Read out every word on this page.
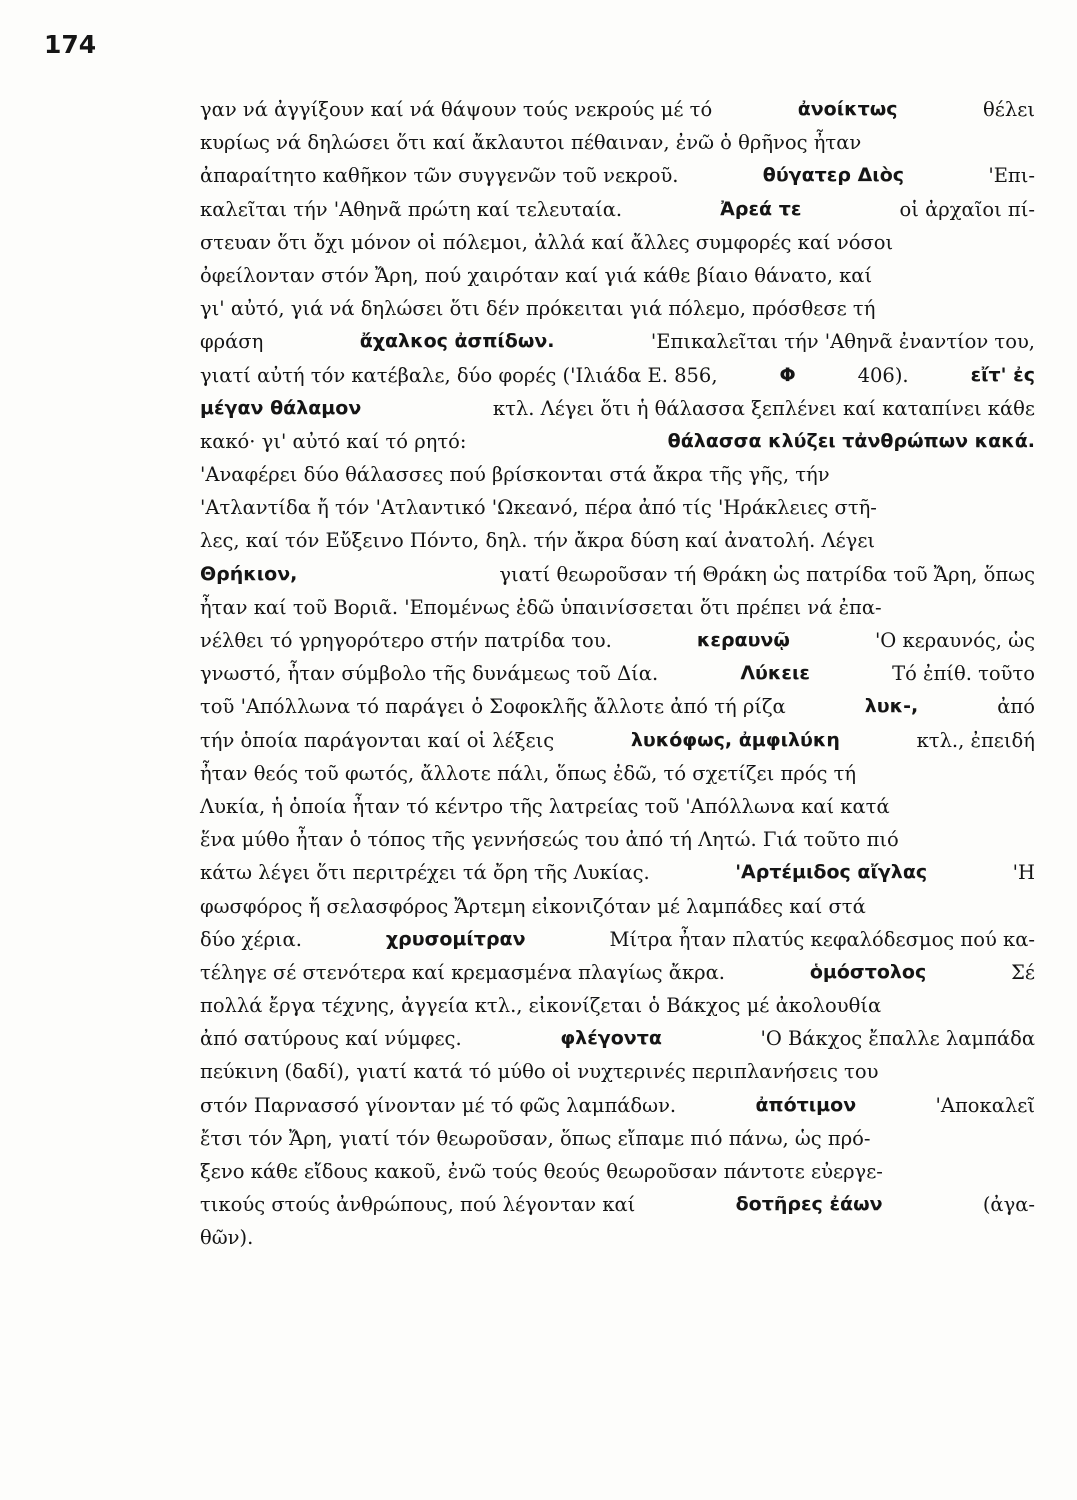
174
γαν νά ἀγγίξουν καί νά θάψουν τούς νεκρούς μέ τό	ἀνοίκτως	θέλει
κυρίως νά δηλώσει ὅτι καί ἄκλαυτοι πέθαιναν, ἐνῶ ὁ θρῆνος ἦταν
ἀπαραίτητο καθῆκον τῶν συγγενῶν τοῦ νεκροῦ.	θύγατερ Διὸς	'Επι-
καλεῖται τήν 'Αθηνᾶ πρώτη καί τελευταία.	Ἀρεά τε	οἱ ἀρχαῖοι πί-
στευαν ὅτι ὄχι μόνον οἱ πόλεμοι, ἀλλά καί ἄλλες συμφορές καί νόσοι
ὀφείλονταν στόν Ἄρη, πού χαιρόταν καί γιά κάθε βίαιο θάνατο, καί
γι' αὐτό, γιά νά δηλώσει ὅτι δέν πρόκειται γιά πόλεμο, πρόσθεσε τή
φράση	ἄχαλκος ἀσπίδων.	'Επικαλεῖται τήν 'Αθηνᾶ ἐναντίον του,
γιατί αὐτή τόν κατέβαλε, δύο φορές ('Ιλιάδα Ε. 856,	Φ	406).	εἴτ' ἐς
μέγαν θάλαμον	κτλ. Λέγει ὅτι ἡ θάλασσα ξεπλένει καί καταπίνει κάθε
κακό· γι' αὐτό καί τό ρητό:	θάλασσα κλύζει τἀνθρώπων κακά.
'Αναφέρει δύο θάλασσες πού βρίσκονται στά ἄκρα τῆς γῆς, τήν
'Ατλαντίδα ἤ τόν 'Ατλαντικό 'Ωκεανό, πέρα ἀπό τίς 'Ηράκλειες στῆ-
λες, καί τόν Εὔξεινο Πόντο, δηλ. τήν ἄκρα δύση καί ἀνατολή. Λέγει
Θρήκιον,	γιατί θεωροῦσαν τή Θράκη ὡς πατρίδα τοῦ Ἄρη, ὅπως
ἦταν καί τοῦ Βοριᾶ. 'Επομένως ἐδῶ ὑπαινίσσεται ὅτι πρέπει νά ἐπα-
νέλθει τό γρηγορότερο στήν πατρίδα του.	κεραυνῷ	'Ο κεραυνός, ὡς
γνωστό, ἦταν σύμβολο τῆς δυνάμεως τοῦ Δία.	Λύκειε	Τό ἐπίθ. τοῦτο
τοῦ 'Απόλλωνα τό παράγει ὁ Σοφοκλῆς ἄλλοτε ἀπό τή ρίζα	λυκ-,	ἀπό
τήν ὁποία παράγονται καί οἱ λέξεις	λυκόφως, ἀμφιλύκη	κτλ., ἐπειδή
ἦταν θεός τοῦ φωτός, ἄλλοτε πάλι, ὅπως ἐδῶ, τό σχετίζει πρός τή
Λυκία, ἡ ὁποία ἦταν τό κέντρο τῆς λατρείας τοῦ 'Απόλλωνα καί κατά
ἕνα μύθο ἦταν ὁ τόπος τῆς γεννήσεώς του ἀπό τή Λητώ. Γιά τοῦτο πιό
κάτω λέγει ὅτι περιτρέχει τά ὄρη τῆς Λυκίας.	'Αρτέμιδος αἴγλας	'Η
φωσφόρος ἤ σελασφόρος Ἄρτεμη εἰκονιζόταν μέ λαμπάδες καί στά
δύο χέρια.	χρυσομίτραν	Μίτρα ἦταν πλατύς κεφαλόδεσμος πού κα-
τέληγε σέ στενότερα καί κρεμασμένα πλαγίως ἄκρα.	ὁμόστολος	Σέ
πολλά ἔργα τέχνης, ἀγγεία κτλ., εἰκονίζεται ὁ Βάκχος μέ ἀκολουθία
ἀπό σατύρους καί νύμφες.	φλέγοντα	'Ο Βάκχος ἔπαλλε λαμπάδα
πεύκινη (δαδί), γιατί κατά τό μύθο οἱ νυχτερινές περιπλανήσεις του
στόν Παρνασσό γίνονταν μέ τό φῶς λαμπάδων.	ἀπότιμον	'Αποκαλεῖ
ἔτσι τόν Ἄρη, γιατί τόν θεωροῦσαν, ὅπως εἴπαμε πιό πάνω, ὡς πρό-
ξενο κάθε εἴδους κακοῦ, ἐνῶ τούς θεούς θεωροῦσαν πάντοτε εὐεργε-
τικούς στούς ἀνθρώπους, πού λέγονταν καί	δοτῆρες ἐάων	(ἀγα-
θῶν).
